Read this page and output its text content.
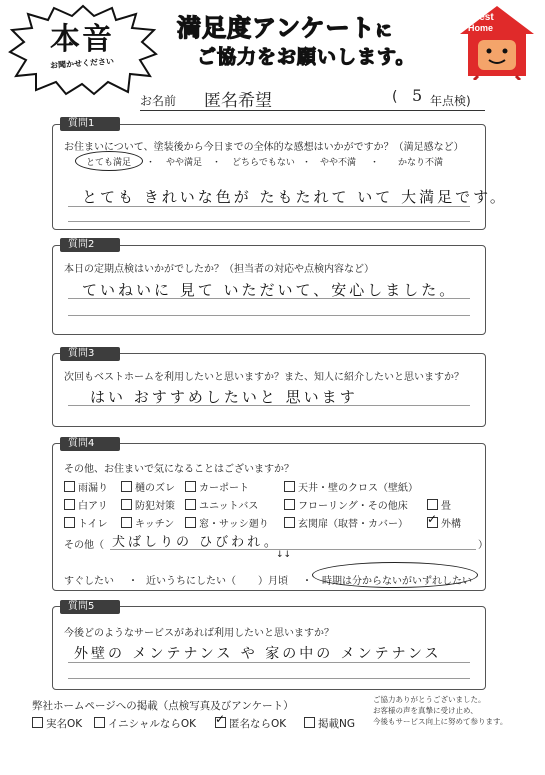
本音
お聞かせください
満足度アンケートに
ご協力をお願いします。
Best
Home
お名前 匿名希望	( 5 年点検)
質問1
お住まいについて、塗装後から今日までの全体的な感想はいかがですか？（満足感など）
とても満足 ・ やや満足 ・ どちらでもない ・ やや不満 ・ かなり不満
とても きれいな色が たもたれて いて 大満足です。
質問2
本日の定期点検はいかがでしたか？（担当者の対応や点検内容など）
ていねいに 見て いただいて、安心しました。
質問3
次回もベストホームを利用したいと思いますか？また、知人に紹介したいと思いますか？
はい おすすめしたいと 思います
質問4
その他、お住まいで気になることはございますか？
雨漏り
白アリ
トイレ
樋のズレ
防犯対策
キッチン
カーポート
ユニットバス
窓・サッシ廻り
天井・壁のクロス（壁紙）
フローリング・その他床
玄関扉（取替・カバー）
畳
✓外構
その他（ 犬ばしりの ひびわれ。	）
↓↓
すぐしたい ・ 近いうちにしたい（ ）月頃 ・ 時期は分からないがいずれしたい
質問5
今後どのようなサービスがあれば利用したいと思いますか？
外壁の メンテナンス や 家の中の メンテナンス
弊社ホームページへの掲載（点検写真及びアンケート）
実名OK	イニシャルならOK
✓	匿名ならOK	掲載NG
ご協力ありがとうございました。
お客様の声を真摯に受け止め、
今後もサービス向上に努めて参ります。
